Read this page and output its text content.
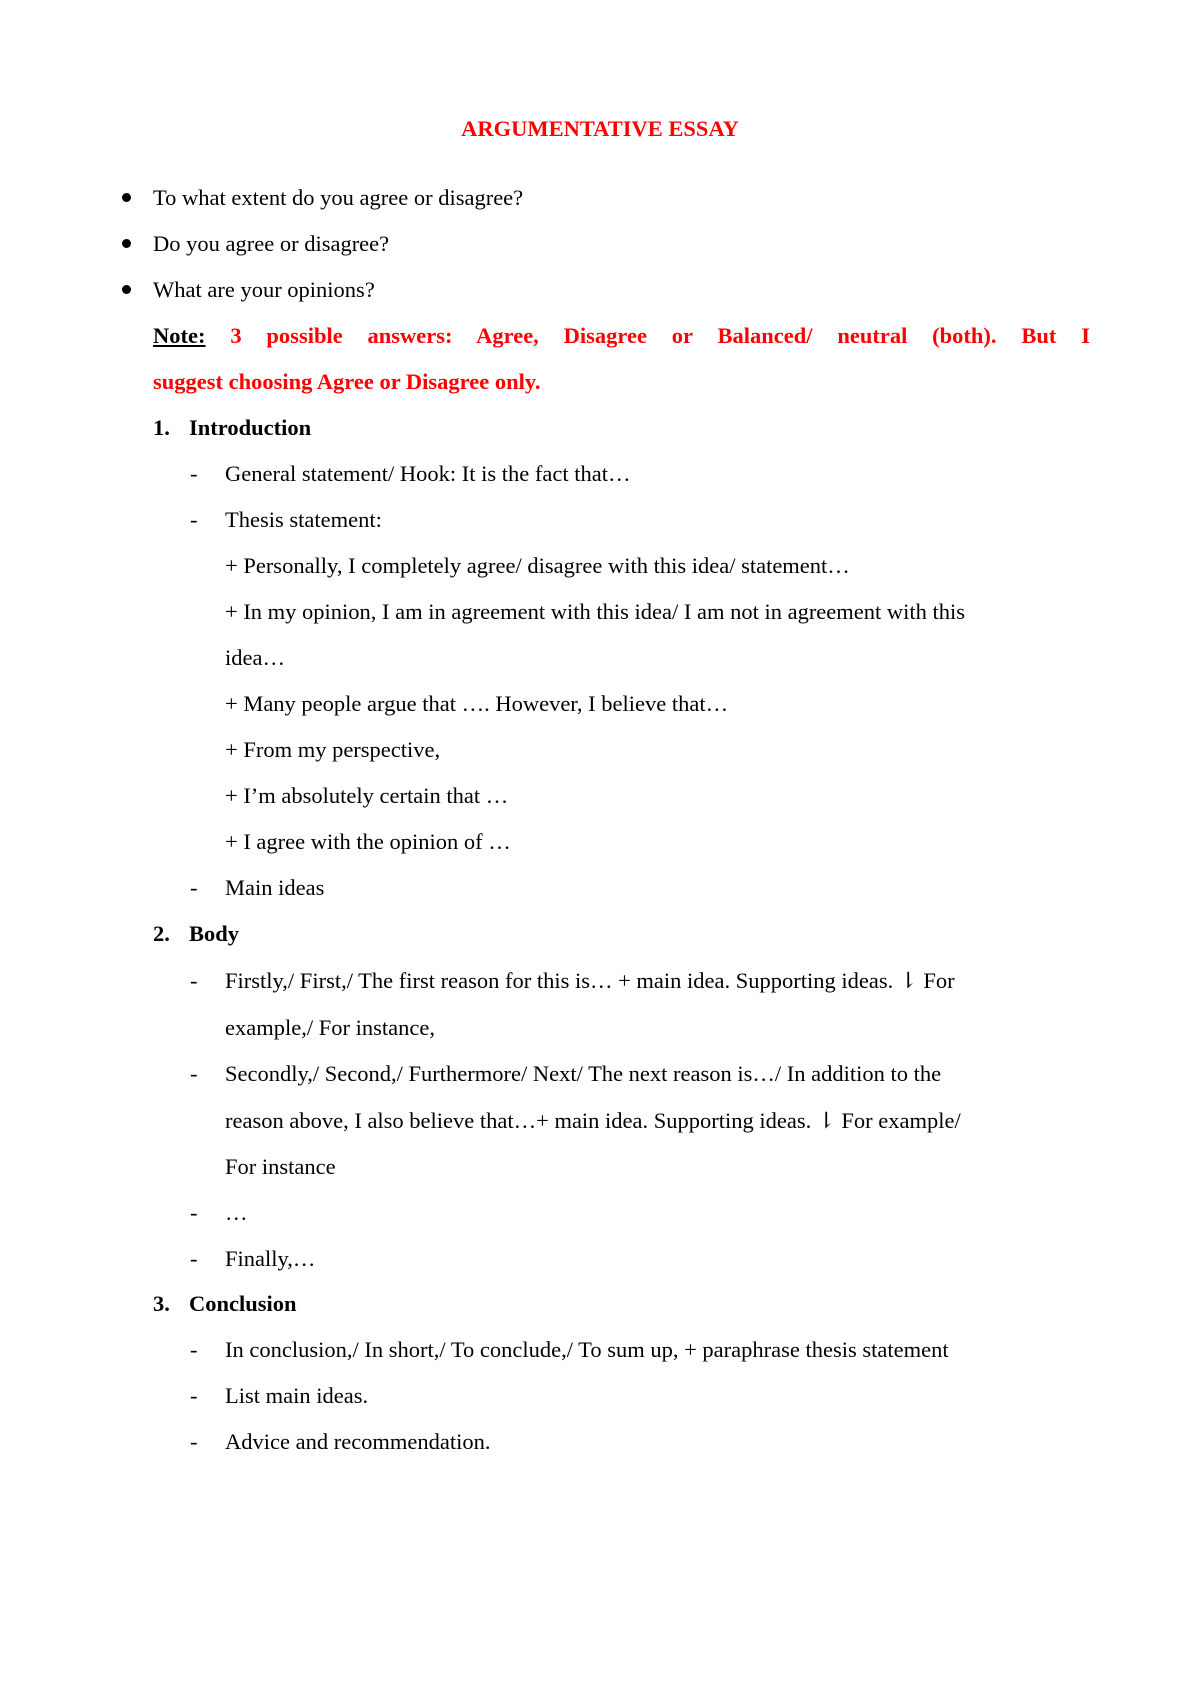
ARGUMENTATIVE ESSAY
To what extent do you agree or disagree?
Do you agree or disagree?
What are your opinions?
Note: 3 possible answers: Agree, Disagree or Balanced/ neutral (both). But I
suggest choosing Agree or Disagree only.
1. Introduction
- General statement/ Hook: It is the fact that…
- Thesis statement:
+ Personally, I completely agree/ disagree with this idea/ statement…
+ In my opinion, I am in agreement with this idea/ I am not in agreement with this
idea…
+ Many people argue that …. However, I believe that…
+ From my perspective,
+ I’m absolutely certain that …
+ I agree with the opinion of …
- Main ideas
2. Body
- Firstly,/ First,/ The first reason for this is… + main idea. Supporting ideas. ⇂ For
example,/ For instance,
- Secondly,/ Second,/ Furthermore/ Next/ The next reason is…/ In addition to the
reason above, I also believe that…+ main idea. Supporting ideas. ⇂ For example/
For instance
- …
- Finally,…
3. Conclusion
- In conclusion,/ In short,/ To conclude,/ To sum up, + paraphrase thesis statement
- List main ideas.
- Advice and recommendation.
